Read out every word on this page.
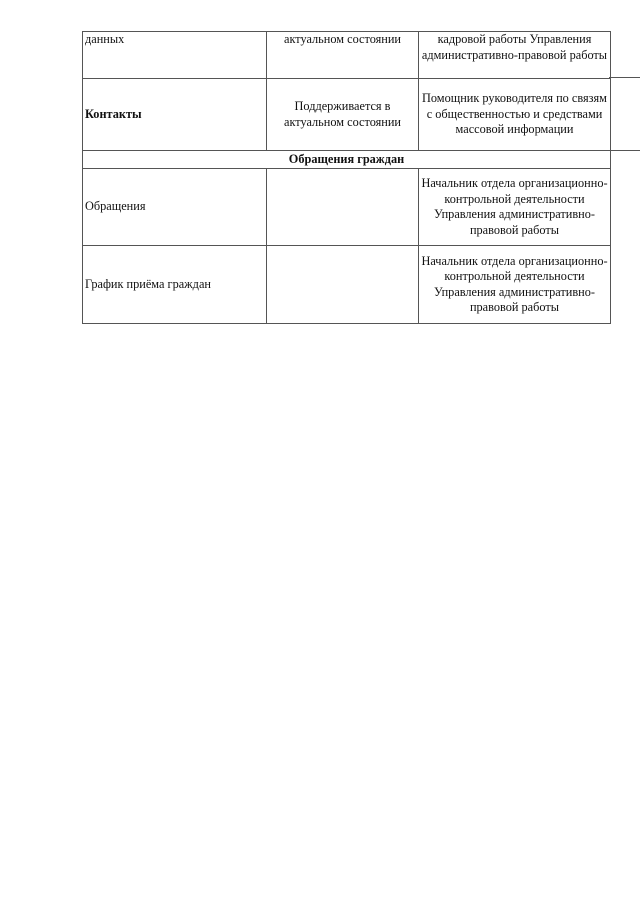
данных	актуальном состоянии	кадровой работы Управления административно-правовой работы
Контакты	Поддерживается в актуальном состоянии	Помощник руководителя по связям с общественностью и средствами массовой информации
Обращения граждан		
Обращения		Начальник отдела организационно-контрольной деятельности Управления административно-правовой работы
График приёма граждан		Начальник отдела организационно-контрольной деятельности Управления административно-правовой работы
